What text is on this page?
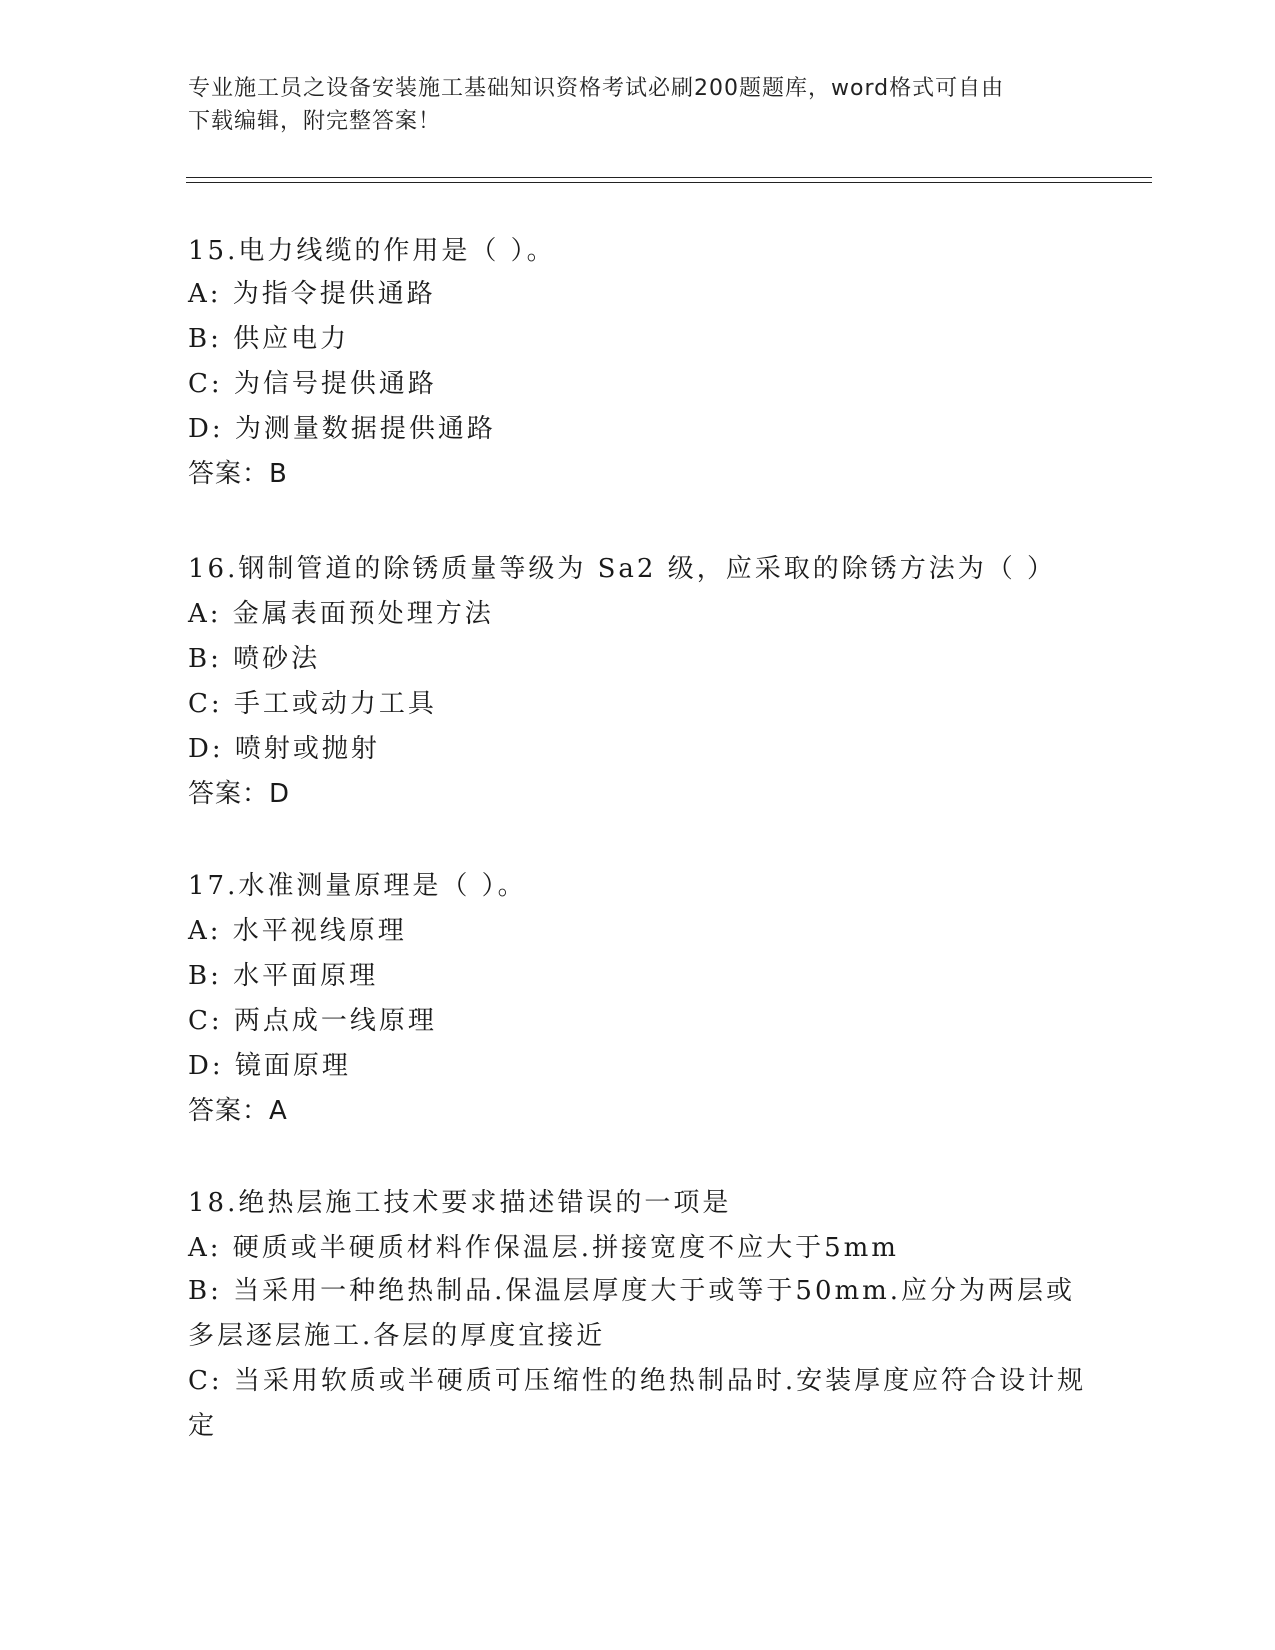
专业施工员之设备安装施工基础知识资格考试必刷200题题库，word格式可自由
下载编辑，附完整答案！
15.电力线缆的作用是（ ）。
A: 为指令提供通路
B: 供应电力
C: 为信号提供通路
D: 为测量数据提供通路
答案：B
16.钢制管道的除锈质量等级为 Sa2 级，应采取的除锈方法为（ ）
A: 金属表面预处理方法
B: 喷砂法
C: 手工或动力工具
D: 喷射或抛射
答案：D
17.水准测量原理是（ ）。
A: 水平视线原理
B: 水平面原理
C: 两点成一线原理
D: 镜面原理
答案：A
18.绝热层施工技术要求描述错误的一项是
A: 硬质或半硬质材料作保温层.拼接宽度不应大于5mm
B: 当采用一种绝热制品.保温层厚度大于或等于50mm.应分为两层或多层逐层施工.各层的厚度宜接近
C: 当采用软质或半硬质可压缩性的绝热制品时.安装厚度应符合设计规定
